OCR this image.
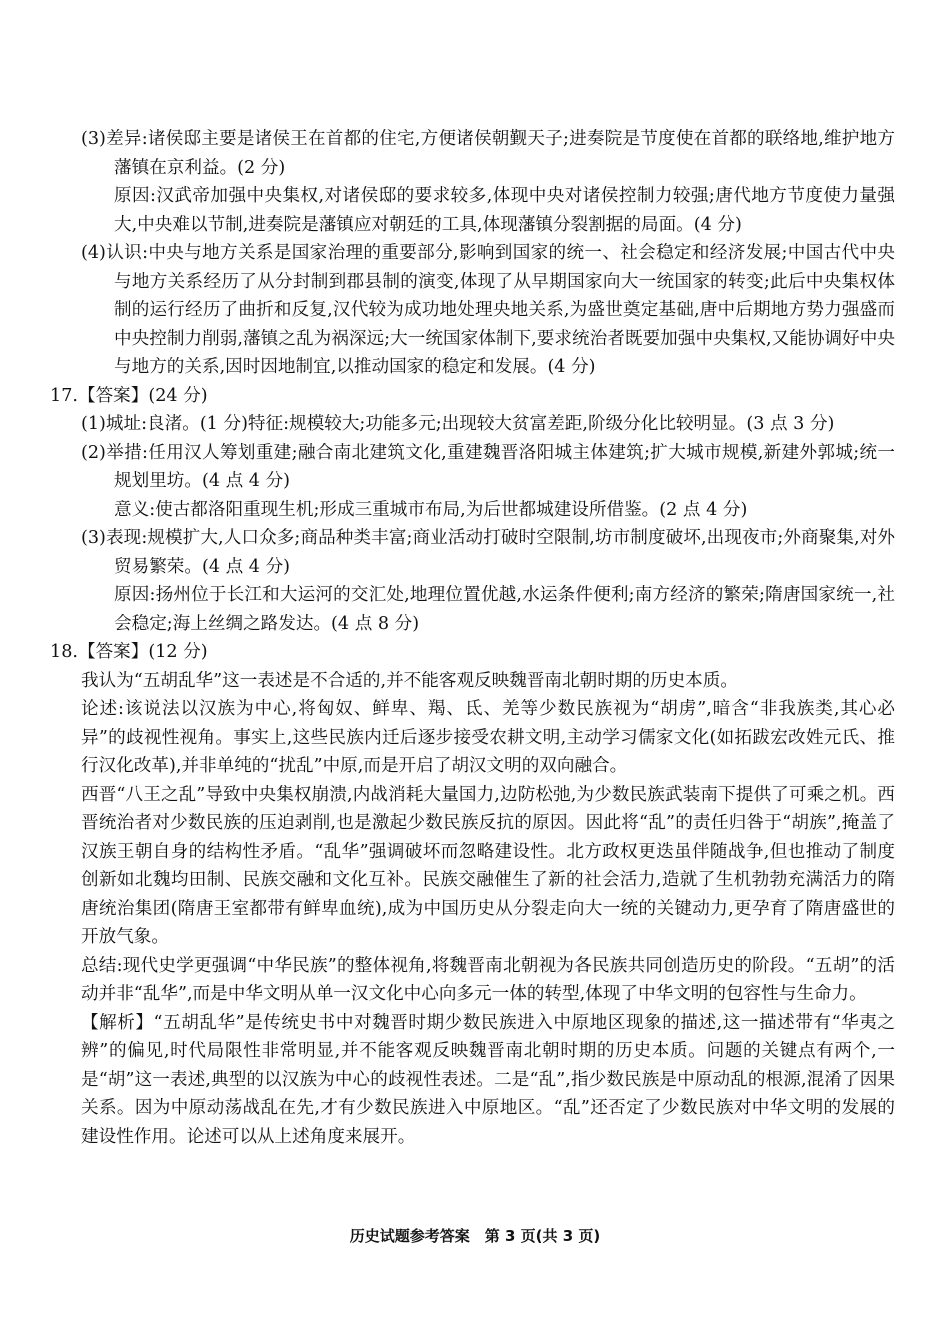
(3)差异:诸侯邸主要是诸侯王在首都的住宅,方便诸侯朝觐天子;进奏院是节度使在首都的联络地,维护地方藩镇在京利益。(2 分)

原因:汉武帝加强中央集权,对诸侯邸的要求较多,体现中央对诸侯控制力较强;唐代地方节度使力量强大,中央难以节制,进奏院是藩镇应对朝廷的工具,体现藩镇分裂割据的局面。(4 分)

(4)认识:中央与地方关系是国家治理的重要部分,影响到国家的统一、社会稳定和经济发展;中国古代中央与地方关系经历了从分封制到郡县制的演变,体现了从早期国家向大一统国家的转变;此后中央集权体制的运行经历了曲折和反复,汉代较为成功地处理央地关系,为盛世奠定基础,唐中后期地方势力强盛而中央控制力削弱,藩镇之乱为祸深远;大一统国家体制下,要求统治者既要加强中央集权,又能协调好中央与地方的关系,因时因地制宜,以推动国家的稳定和发展。(4 分)

17.【答案】(24 分)

(1)城址:良渚。(1 分)特征:规模较大;功能多元;出现较大贫富差距,阶级分化比较明显。(3 点 3 分)

(2)举措:任用汉人筹划重建;融合南北建筑文化,重建魏晋洛阳城主体建筑;扩大城市规模,新建外郭城;统一规划里坊。(4 点 4 分)

意义:使古都洛阳重现生机;形成三重城市布局,为后世都城建设所借鉴。(2 点 4 分)

(3)表现:规模扩大,人口众多;商品种类丰富;商业活动打破时空限制,坊市制度破坏,出现夜市;外商聚集,对外贸易繁荣。(4 点 4 分)

原因:扬州位于长江和大运河的交汇处,地理位置优越,水运条件便利;南方经济的繁荣;隋唐国家统一,社会稳定;海上丝绸之路发达。(4 点 8 分)

18.【答案】(12 分)

我认为“五胡乱华”这一表述是不合适的,并不能客观反映魏晋南北朝时期的历史本质。

论述:该说法以汉族为中心,将匈奴、鲜卑、羯、氐、羌等少数民族视为“胡虏”,暗含“非我族类,其心必异”的歧视性视角。事实上,这些民族内迁后逐步接受农耕文明,主动学习儒家文化(如拓跋宏改姓元氏、推行汉化改革),并非单纯的“扰乱”中原,而是开启了胡汉文明的双向融合。

西晋“八王之乱”导致中央集权崩溃,内战消耗大量国力,边防松弛,为少数民族武装南下提供了可乘之机。西晋统治者对少数民族的压迫剥削,也是激起少数民族反抗的原因。因此将“乱”的责任归咎于“胡族”,掩盖了汉族王朝自身的结构性矛盾。“乱华”强调破坏而忽略建设性。北方政权更迭虽伴随战争,但也推动了制度创新如北魏均田制、民族交融和文化互补。民族交融催生了新的社会活力,造就了生机勃勃充满活力的隋唐统治集团(隋唐王室都带有鲜卑血统),成为中国历史从分裂走向大一统的关键动力,更孕育了隋唐盛世的开放气象。

总结:现代史学更强调“中华民族”的整体视角,将魏晋南北朝视为各民族共同创造历史的阶段。“五胡”的活动并非“乱华”,而是中华文明从单一汉文化中心向多元一体的转型,体现了中华文明的包容性与生命力。

【解析】“五胡乱华”是传统史书中对魏晋时期少数民族进入中原地区现象的描述,这一描述带有“华夷之辨”的偏见,时代局限性非常明显,并不能客观反映魏晋南北朝时期的历史本质。问题的关键点有两个,一是“胡”这一表述,典型的以汉族为中心的歧视性表述。二是“乱”,指少数民族是中原动乱的根源,混淆了因果关系。因为中原动荡战乱在先,才有少数民族进入中原地区。“乱”还否定了少数民族对中华文明的发展的建设性作用。论述可以从上述角度来展开。

历史试题参考答案　第 3 页(共 3 页)
